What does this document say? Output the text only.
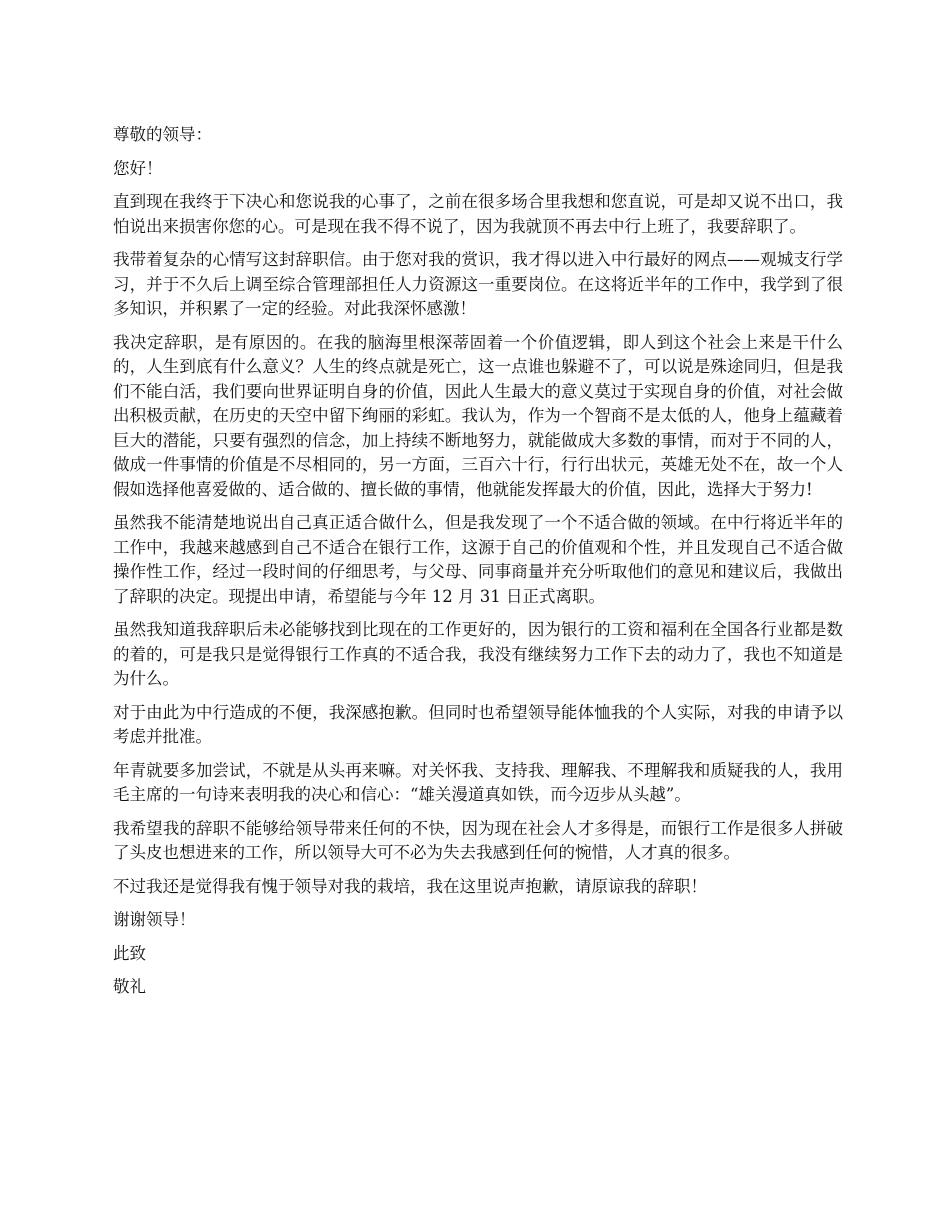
尊敬的领导：

您好！

直到现在我终于下决心和您说我的心事了，之前在很多场合里我想和您直说，可是却又说不出口，我怕说出来损害你您的心。可是现在我不得不说了，因为我就顶不再去中行上班了，我要辞职了。

我带着复杂的心情写这封辞职信。由于您对我的赏识，我才得以进入中行最好的网点——观城支行学习，并于不久后上调至综合管理部担任人力资源这一重要岗位。在这将近半年的工作中，我学到了很多知识，并积累了一定的经验。对此我深怀感激！

我决定辞职，是有原因的。在我的脑海里根深蒂固着一个价值逻辑，即人到这个社会上来是干什么的，人生到底有什么意义？人生的终点就是死亡，这一点谁也躲避不了，可以说是殊途同归，但是我们不能白活，我们要向世界证明自身的价值，因此人生最大的意义莫过于实现自身的价值，对社会做出积极贡献，在历史的天空中留下绚丽的彩虹。我认为，作为一个智商不是太低的人，他身上蕴藏着巨大的潜能，只要有强烈的信念，加上持续不断地努力，就能做成大多数的事情，而对于不同的人，做成一件事情的价值是不尽相同的，另一方面，三百六十行，行行出状元，英雄无处不在，故一个人假如选择他喜爱做的、适合做的、擅长做的事情，他就能发挥最大的价值，因此，选择大于努力!

虽然我不能清楚地说出自己真正适合做什么，但是我发现了一个不适合做的领域。在中行将近半年的工作中，我越来越感到自己不适合在银行工作，这源于自己的价值观和个性，并且发现自己不适合做操作性工作，经过一段时间的仔细思考，与父母、同事商量并充分听取他们的意见和建议后，我做出了辞职的决定。现提出申请，希望能与今年 12 月 31 日正式离职。

虽然我知道我辞职后未必能够找到比现在的工作更好的，因为银行的工资和福利在全国各行业都是数的着的，可是我只是觉得银行工作真的不适合我，我没有继续努力工作下去的动力了，我也不知道是为什么。

对于由此为中行造成的不便，我深感抱歉。但同时也希望领导能体恤我的个人实际，对我的申请予以考虑并批准。

年青就要多加尝试，不就是从头再来嘛。对关怀我、支持我、理解我、不理解我和质疑我的人，我用毛主席的一句诗来表明我的决心和信心：“雄关漫道真如铁，而今迈步从头越”。

我希望我的辞职不能够给领导带来任何的不快，因为现在社会人才多得是，而银行工作是很多人拼破了头皮也想进来的工作，所以领导大可不必为失去我感到任何的惋惜，人才真的很多。

不过我还是觉得我有愧于领导对我的栽培，我在这里说声抱歉，请原谅我的辞职！

谢谢领导！

此致

敬礼
